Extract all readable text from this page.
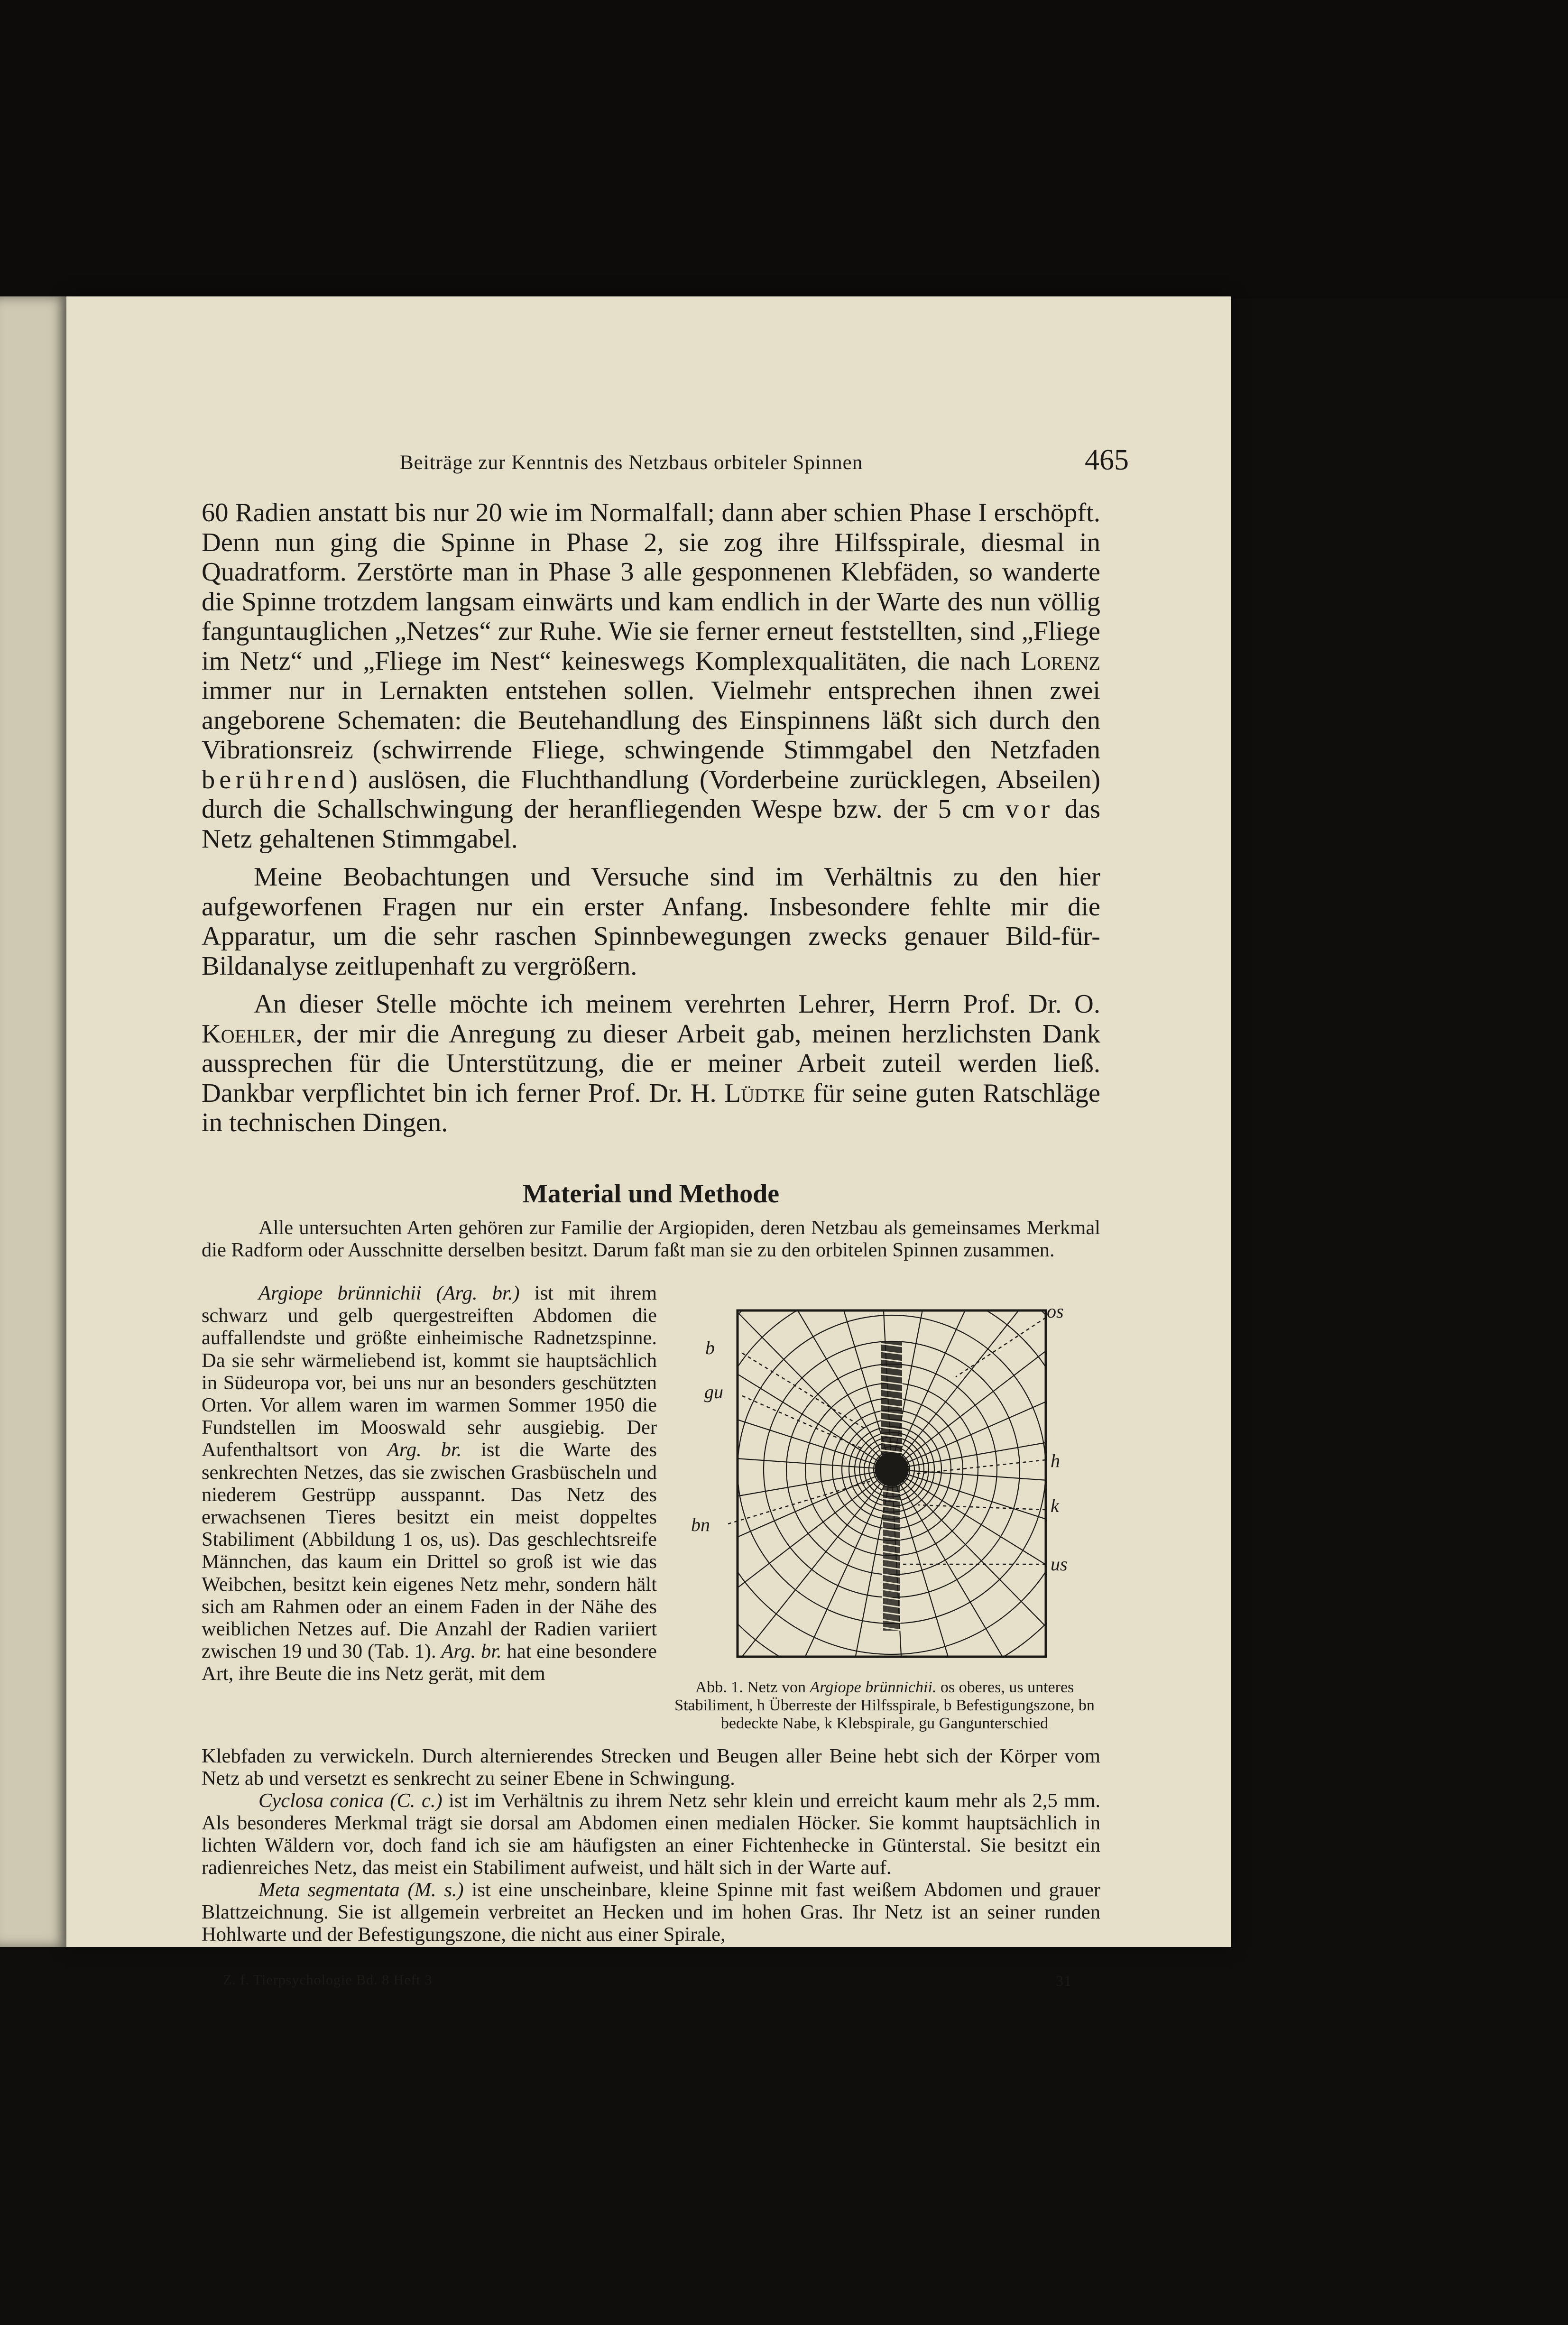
Beiträge zur Kenntnis des Netzbaus orbiteler Spinnen	465

60 Radien anstatt bis nur 20 wie im Normalfall; dann aber schien Phase I erschöpft. Denn nun ging die Spinne in Phase 2, sie zog ihre Hilfsspirale, diesmal in Quadratform. Zerstörte man in Phase 3 alle gesponnenen Klebfäden, so wanderte die Spinne trotzdem langsam einwärts und kam endlich in der Warte des nun völlig fanguntauglichen „Netzes“ zur Ruhe. Wie sie ferner erneut feststellten, sind „Fliege im Netz“ und „Fliege im Nest“ keineswegs Komplexqualitäten, die nach Lorenz immer nur in Lernakten entstehen sollen. Vielmehr entsprechen ihnen zwei angeborene Schematen: die Beutehandlung des Einspinnens läßt sich durch den Vibrationsreiz (schwirrende Fliege, schwingende Stimmgabel den Netzfaden berührend) auslösen, die Fluchthandlung (Vorderbeine zurücklegen, Abseilen) durch die Schallschwingung der heranfliegenden Wespe bzw. der 5 cm vor das Netz gehaltenen Stimmgabel.

Meine Beobachtungen und Versuche sind im Verhältnis zu den hier aufgeworfenen Fragen nur ein erster Anfang. Insbesondere fehlte mir die Apparatur, um die sehr raschen Spinnbewegungen zwecks genauer Bild-für-Bildanalyse zeitlupenhaft zu vergrößern.

An dieser Stelle möchte ich meinem verehrten Lehrer, Herrn Prof. Dr. O. Koehler, der mir die Anregung zu dieser Arbeit gab, meinen herzlichsten Dank aussprechen für die Unterstützung, die er meiner Arbeit zuteil werden ließ. Dankbar verpflichtet bin ich ferner Prof. Dr. H. Lüdtke für seine guten Ratschläge in technischen Dingen.

Material und Methode

Alle untersuchten Arten gehören zur Familie der Argiopiden, deren Netzbau als gemeinsames Merkmal die Radform oder Ausschnitte derselben besitzt. Darum faßt man sie zu den orbitelen Spinnen zusammen.

Argiope brünnichii (Arg. br.) ist mit ihrem schwarz und gelb quergestreiften Abdomen die auffallendste und größte einheimische Radnetzspinne. Da sie sehr wärmeliebend ist, kommt sie hauptsächlich in Südeuropa vor, bei uns nur an besonders geschützten Orten. Vor allem waren im warmen Sommer 1950 die Fundstellen im Mooswald sehr ausgiebig. Der Aufenthaltsort von Arg. br. ist die Warte des senkrechten Netzes, das sie zwischen Grasbüscheln und niederem Gestrüpp ausspannt. Das Netz des erwachsenen Tieres besitzt ein meist doppeltes Stabiliment (Abbildung 1 os, us). Das geschlechtsreife Männchen, das kaum ein Drittel so groß ist wie das Weibchen, besitzt kein eigenes Netz mehr, sondern hält sich am Rahmen oder an einem Faden in der Nähe des weiblichen Netzes auf. Die Anzahl der Radien variiert zwischen 19 und 30 (Tab. 1). Arg. br. hat eine besondere Art, ihre Beute die ins Netz gerät, mit dem

os
b
gu
h
k
bn
us
Abb. 1. Netz von Argiope brünnichii. os oberes, us unteres Stabiliment, h Überreste der Hilfsspirale, b Befestigungszone, bn bedeckte Nabe, k Klebspirale, gu Gangunterschied

Klebfaden zu verwickeln. Durch alternierendes Strecken und Beugen aller Beine hebt sich der Körper vom Netz ab und versetzt es senkrecht zu seiner Ebene in Schwingung.

Cyclosa conica (C. c.) ist im Verhältnis zu ihrem Netz sehr klein und erreicht kaum mehr als 2,5 mm. Als besonderes Merkmal trägt sie dorsal am Abdomen einen medialen Höcker. Sie kommt hauptsächlich in lichten Wäldern vor, doch fand ich sie am häufigsten an einer Fichtenhecke in Günterstal. Sie besitzt ein radienreiches Netz, das meist ein Stabiliment aufweist, und hält sich in der Warte auf.

Meta segmentata (M. s.) ist eine unscheinbare, kleine Spinne mit fast weißem Abdomen und grauer Blattzeichnung. Sie ist allgemein verbreitet an Hecken und im hohen Gras. Ihr Netz ist an seiner runden Hohlwarte und der Befestigungszone, die nicht aus einer Spirale,

Z. f. Tierpsychologie Bd. 8 Heft 3	31
